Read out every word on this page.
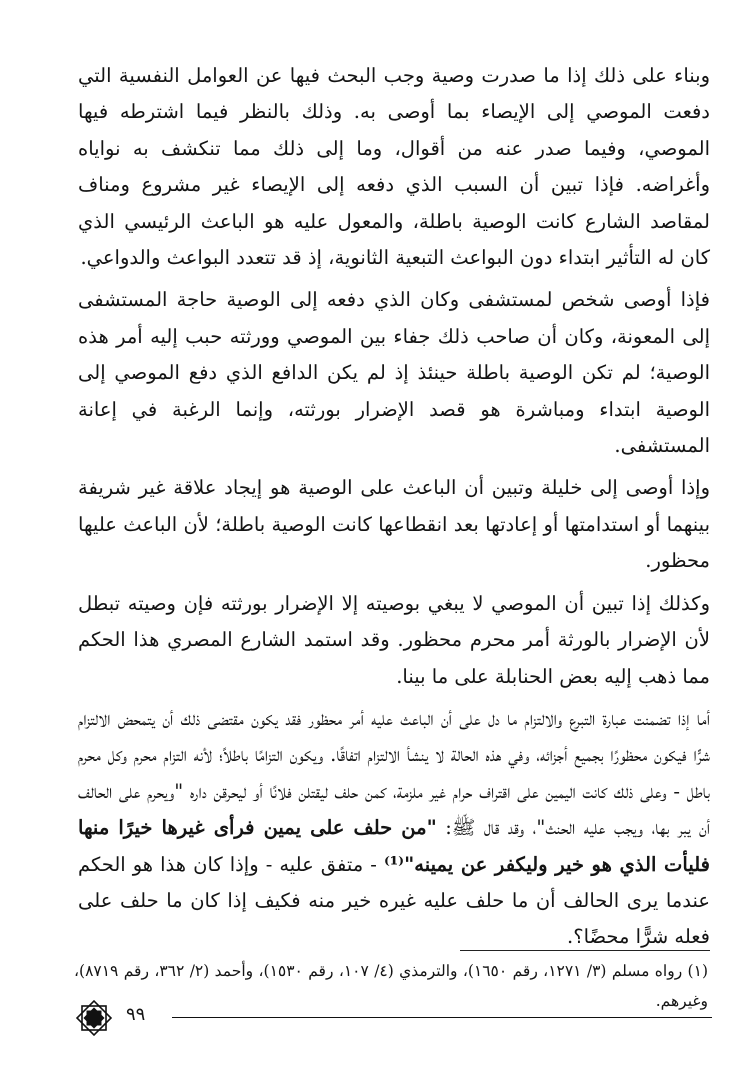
وبناء على ذلك إذا ما صدرت وصية وجب البحث فيها عن العوامل النفسية التي دفعت الموصي إلى الإيصاء بما أوصى به. وذلك بالنظر فيما اشترطه فيها الموصي، وفيما صدر عنه من أقوال، وما إلى ذلك مما تنكشف به نواياه وأغراضه. فإذا تبين أن السبب الذي دفعه إلى الإيصاء غير مشروع ومناف لمقاصد الشارع كانت الوصية باطلة، والمعول عليه هو الباعث الرئيسي الذي كان له التأثير ابتداء دون البواعث التبعية الثانوية، إذ قد تتعدد البواعث والدواعي.

فإذا أوصى شخص لمستشفى وكان الذي دفعه إلى الوصية حاجة المستشفى إلى المعونة، وكان أن صاحب ذلك جفاء بين الموصي وورثته حبب إليه أمر هذه الوصية؛ لم تكن الوصية باطلة حينئذ إذ لم يكن الدافع الذي دفع الموصي إلى الوصية ابتداء ومباشرة هو قصد الإضرار بورثته، وإنما الرغبة في إعانة المستشفى.

وإذا أوصى إلى خليلة وتبين أن الباعث على الوصية هو إيجاد علاقة غير شريفة بينهما أو استدامتها أو إعادتها بعد انقطاعها كانت الوصية باطلة؛ لأن الباعث عليها محظور.

وكذلك إذا تبين أن الموصي لا يبغي بوصيته إلا الإضرار بورثته فإن وصيته تبطل لأن الإضرار بالورثة أمر محرم محظور. وقد استمد الشارع المصري هذا الحكم مما ذهب إليه بعض الحنابلة على ما بينا.

أما إذا تضمنت عبارة التبرع والالتزام ما دل على أن الباعث عليه أمر محظور فقد يكون مقتضى ذلك أن يتمحض الالتزام شرًّا فيكون محظورًا بجميع أجزائه، وفي هذه الحالة لا ينشأ الالتزام اتفاقًا. ويكون التزامًا باطلاً؛ لأنه التزام محرم وكل محرم باطل - وعلى ذلك كانت اليمين على اقتراف حرام غير ملزمة، كمن حلف ليقتلن فلانًا أو ليحرقن داره "ويحرم على الحالف أن يبر بها، ويجب عليه الحنث"، وقد قال ﷺ: "من حلف على يمين فرأى غيرها خيرًا منها فليأت الذي هو خير وليكفر عن يمينه"⁽¹⁾ - متفق عليه - وإذا كان هذا هو الحكم عندما يرى الحالف أن ما حلف عليه غيره خير منه فكيف إذا كان ما حلف على فعله شرًّا محضًا؟.

(١) رواه مسلم (٣/ ١٢٧١، رقم ١٦٥٠)، والترمذي (٤/ ١٠٧، رقم ١٥٣٠)، وأحمد (٢/ ٣٦٢، رقم ٨٧١٩)، وغيرهم.
٩٩
